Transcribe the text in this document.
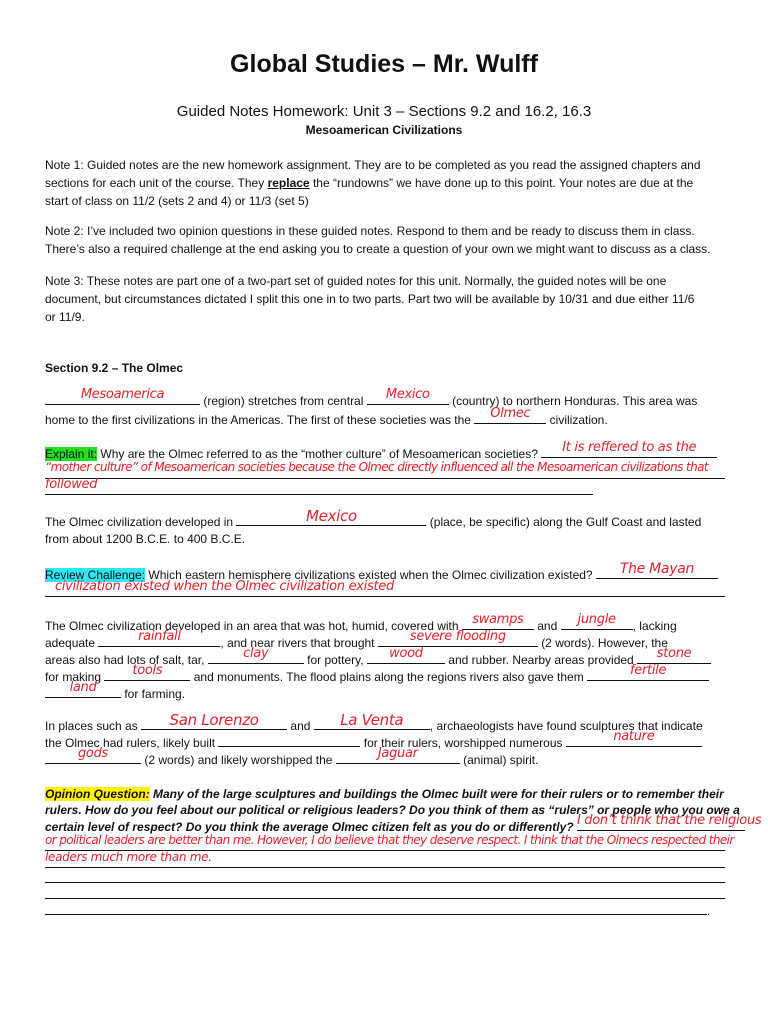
Global Studies – Mr. Wulff
Guided Notes Homework: Unit 3 – Sections 9.2 and 16.2, 16.3
Mesoamerican Civilizations
Note 1: Guided notes are the new homework assignment. They are to be completed as you read the assigned chapters and
sections for each unit of the course. They replace the “rundowns” we have done up to this point. Your notes are due at the
start of class on 11/2 (sets 2 and 4) or 11/3 (set 5)
Note 2: I’ve included two opinion questions in these guided notes. Respond to them and be ready to discuss them in class.
There’s also a required challenge at the end asking you to create a question of your own we might want to discuss as a class.
Note 3: These notes are part one of a two-part set of guided notes for this unit. Normally, the guided notes will be one
document, but circumstances dictated I split this one in to two parts. Part two will be available by 10/31 and due either 11/6
or 11/9.
Section 9.2 – The Olmec
Mesoamerica	(region) stretches from central	Mexico	(country) to northern Honduras. This area was
home to the first civilizations in the Americas. The first of these societies was the	Olmec	civilization.
Explain it: Why are the Olmec referred to as the “mother culture” of Mesoamerican societies?	It is reffered to as the
“mother culture” of Mesoamerican societies because the Olmec directly influenced all the Mesoamerican civilizations that
followed
The Olmec civilization developed in	Mexico	(place, be specific) along the Gulf Coast and lasted
from about 1200 B.C.E. to 400 B.C.E.
Review Challenge: Which eastern hemisphere civilizations existed when the Olmec civilization existed?	The Mayan
civilization existed when the Olmec civilization existed
The Olmec civilization developed in an area that was hot, humid, covered with	swamps	and	jungle	, lacking
adequate	rainfall	, and near rivers that brought	severe flooding	(2 words). However, the
areas also had lots of salt, tar,	clay	for pottery,	wood	and rubber. Nearby areas provided	stone
for making	tools	and monuments. The flood plains along the regions rivers also gave them	fertile
land	for farming.
In places such as	San Lorenzo	and	La Venta	, archaeologists have found sculptures that indicate
the Olmec had rulers, likely built	for their rulers, worshipped numerous	nature
gods	(2 words) and likely worshipped the	Jaguar	(animal) spirit.
Opinion Question: Many of the large sculptures and buildings the Olmec built were for their rulers or to remember their
rulers. How do you feel about our political or religious leaders? Do you think of them as “rulers” or people who you owe a
certain level of respect? Do you think the average Olmec citizen felt as you do or differently? I don’t think that the religious
or political leaders are better than me. However, I do believe that they deserve respect. I think that the Olmecs respected their
leaders much more than me.
.
